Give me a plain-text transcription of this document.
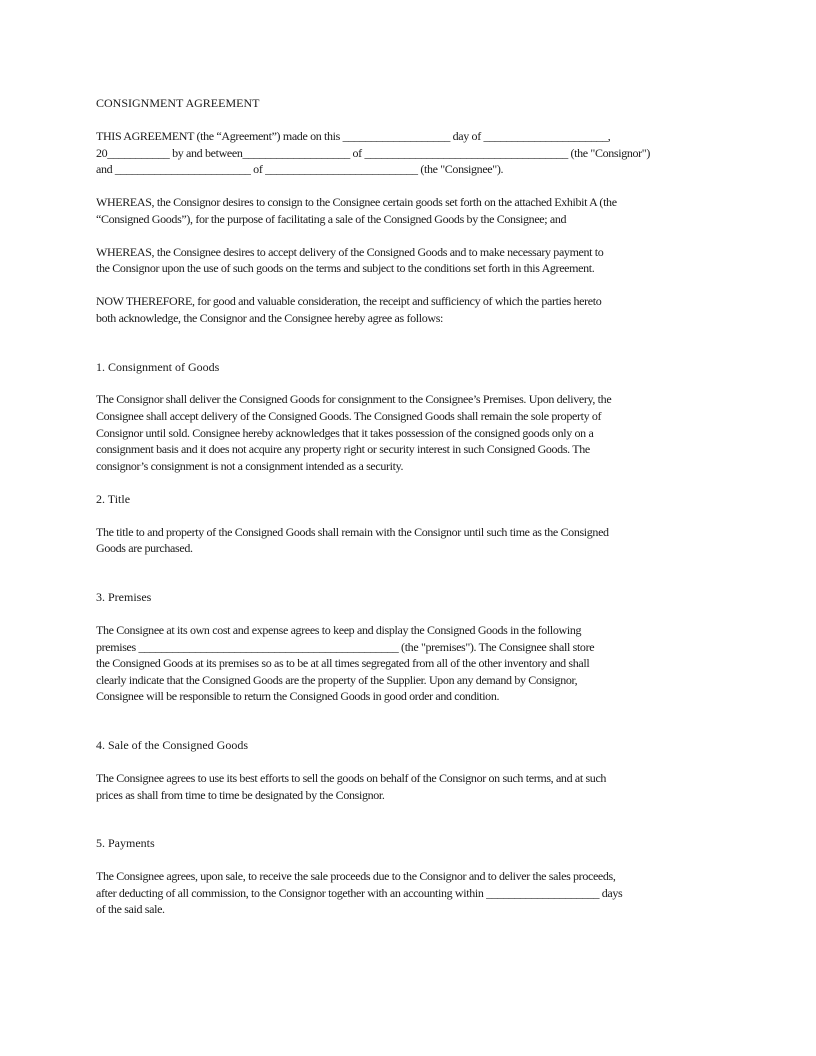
CONSIGNMENT AGREEMENT
THIS AGREEMENT (the “Agreement”) made on this ___________________ day of ______________________,
20___________ by and between___________________ of ____________________________________ (the "Consignor")
and ________________________ of ___________________________ (the "Consignee").
WHEREAS, the Consignor desires to consign to the Consignee certain goods set forth on the attached Exhibit A (the
“Consigned Goods”), for the purpose of facilitating a sale of the Consigned Goods by the Consignee; and
WHEREAS, the Consignee desires to accept delivery of the Consigned Goods and to make necessary payment to
the Consignor upon the use of such goods on the terms and subject to the conditions set forth in this Agreement.
NOW THEREFORE, for good and valuable consideration, the receipt and sufficiency of which the parties hereto
both acknowledge, the Consignor and the Consignee hereby agree as follows:
1. Consignment of Goods
The Consignor shall deliver the Consigned Goods for consignment to the Consignee’s Premises. Upon delivery, the
Consignee shall accept delivery of the Consigned Goods. The Consigned Goods shall remain the sole property of
Consignor until sold. Consignee hereby acknowledges that it takes possession of the consigned goods only on a
consignment basis and it does not acquire any property right or security interest in such Consigned Goods. The
consignor’s consignment is not a consignment intended as a security.
2. Title
The title to and property of the Consigned Goods shall remain with the Consignor until such time as the Consigned
Goods are purchased.
3. Premises
The Consignee at its own cost and expense agrees to keep and display the Consigned Goods in the following
premises ______________________________________________ (the "premises"). The Consignee shall store
the Consigned Goods at its premises so as to be at all times segregated from all of the other inventory and shall
clearly indicate that the Consigned Goods are the property of the Supplier. Upon any demand by Consignor,
Consignee will be responsible to return the Consigned Goods in good order and condition.
4. Sale of the Consigned Goods
The Consignee agrees to use its best efforts to sell the goods on behalf of the Consignor on such terms, and at such
prices as shall from time to time be designated by the Consignor.
5. Payments
The Consignee agrees, upon sale, to receive the sale proceeds due to the Consignor and to deliver the sales proceeds,
after deducting of all commission, to the Consignor together with an accounting within ____________________ days
of the said sale.
